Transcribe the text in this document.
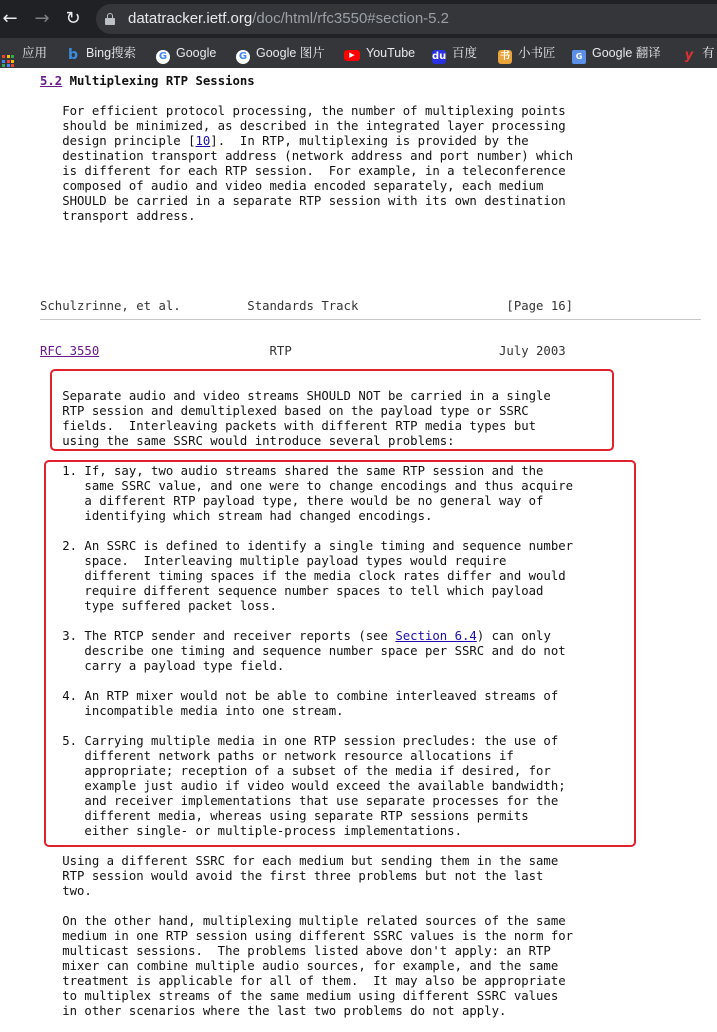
← → ↻	datatracker.ietf.org/doc/html/rfc3550#section-5.2
应用 b Bing搜索 G Google G Google 图片	▶ YouTube du 百度 书 小书匠	G Google 翻译 y 有
5.2 Multiplexing RTP Sessions
For efficient protocol processing, the number of multiplexing points
should be minimized, as described in the integrated layer processing
design principle [10].  In RTP, multiplexing is provided by the
destination transport address (network address and port number) which
is different for each RTP session.  For example, in a teleconference
composed of audio and video media encoded separately, each medium
SHOULD be carried in a separate RTP session with its own destination
transport address.
Schulzrinne, et al.         Standards Track                    [Page 16]
RFC 3550                       RTP                            July 2003
Separate audio and video streams SHOULD NOT be carried in a single
RTP session and demultiplexed based on the payload type or SSRC
fields.  Interleaving packets with different RTP media types but
using the same SSRC would introduce several problems:
1. If, say, two audio streams shared the same RTP session and the
same SSRC value, and one were to change encodings and thus acquire
a different RTP payload type, there would be no general way of
identifying which stream had changed encodings.
2. An SSRC is defined to identify a single timing and sequence number
space.  Interleaving multiple payload types would require
different timing spaces if the media clock rates differ and would
require different sequence number spaces to tell which payload
type suffered packet loss.
3. The RTCP sender and receiver reports (see Section 6.4) can only
describe one timing and sequence number space per SSRC and do not
carry a payload type field.
4. An RTP mixer would not be able to combine interleaved streams of
incompatible media into one stream.
5. Carrying multiple media in one RTP session precludes: the use of
different network paths or network resource allocations if
appropriate; reception of a subset of the media if desired, for
example just audio if video would exceed the available bandwidth;
and receiver implementations that use separate processes for the
different media, whereas using separate RTP sessions permits
either single- or multiple-process implementations.
Using a different SSRC for each medium but sending them in the same
RTP session would avoid the first three problems but not the last
two.
On the other hand, multiplexing multiple related sources of the same
medium in one RTP session using different SSRC values is the norm for
multicast sessions.  The problems listed above don't apply: an RTP
mixer can combine multiple audio sources, for example, and the same
treatment is applicable for all of them.  It may also be appropriate
to multiplex streams of the same medium using different SSRC values
in other scenarios where the last two problems do not apply.
